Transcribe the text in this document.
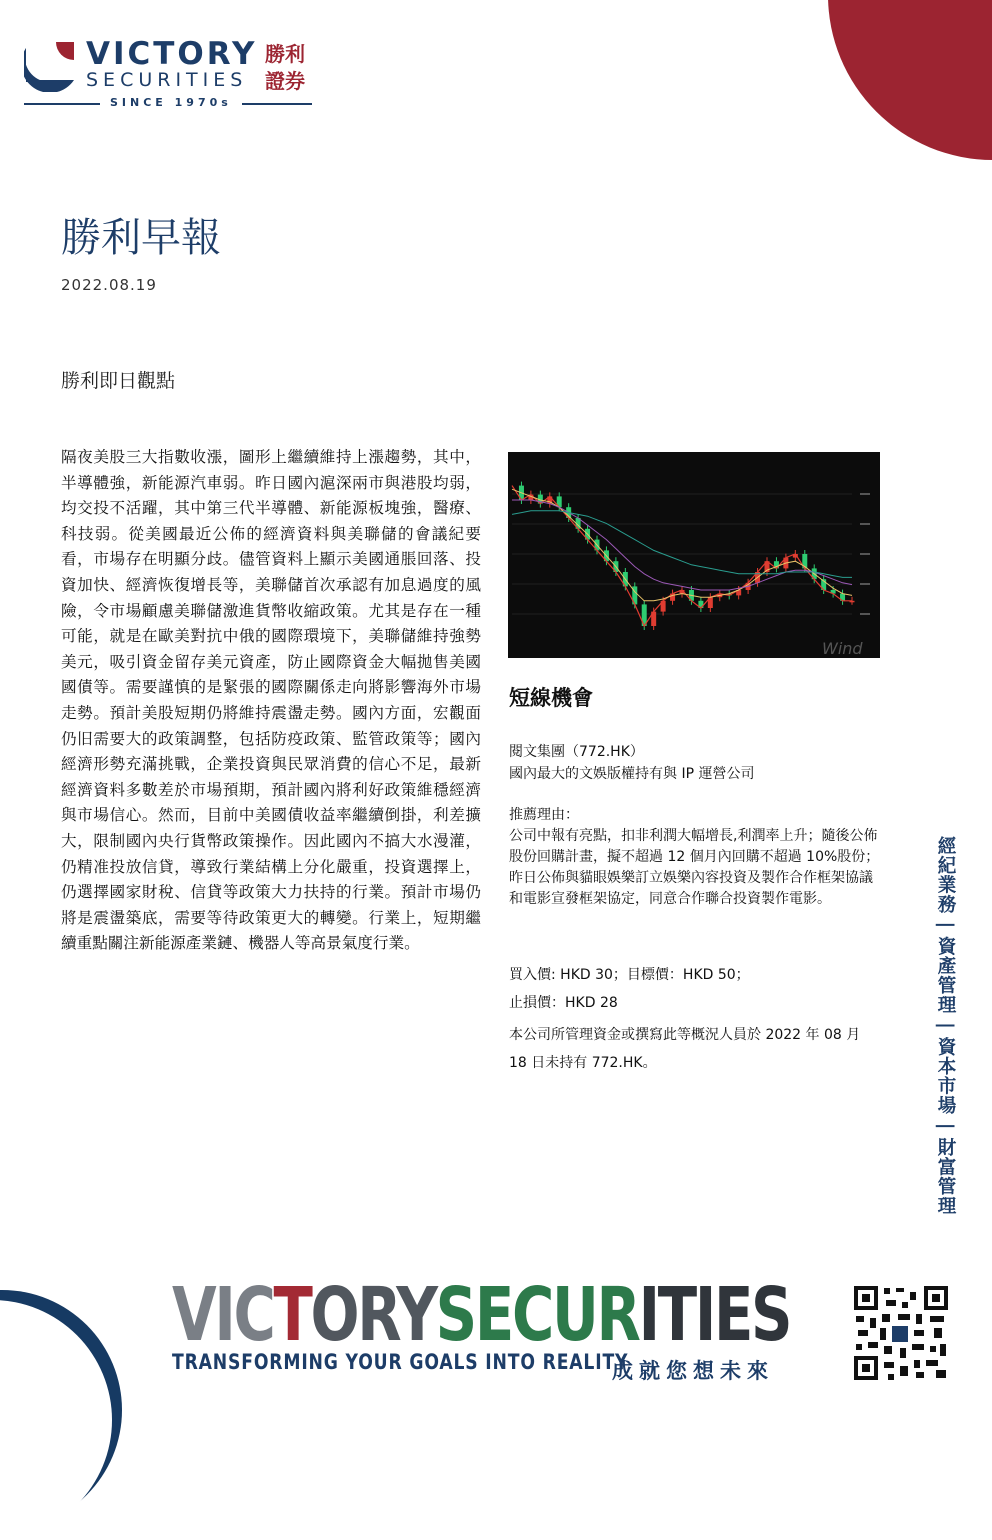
VICTORY
SECURITIES
勝利
證券
SINCE 1970s
勝利早報
2022.08.19
勝利即日觀點

隔夜美股三大指數收漲，圖形上繼續維持上漲趨勢，其中，半導體強，新能源汽車弱。昨日國內滬深兩市與港股均弱，均交投不活躍，其中第三代半導體、新能源板塊強，醫療、科技弱。從美國最近公佈的經濟資料與美聯儲的會議紀要看，市場存在明顯分歧。儘管資料上顯示美國通脹回落、投資加快、經濟恢復增長等，美聯儲首次承認有加息過度的風險，令市場顧慮美聯儲激進貨幣收縮政策。尤其是存在一種可能，就是在歐美對抗中俄的國際環境下，美聯儲維持強勢美元，吸引資金留存美元資產，防止國際資金大幅拋售美國國債等。需要謹慎的是緊張的國際關係走向將影響海外市場走勢。預計美股短期仍將維持震盪走勢。國內方面，宏觀面仍旧需要大的政策調整，包括防疫政策、監管政策等；國內經濟形勢充滿挑戰，企業投資與民眾消費的信心不足，最新經濟資料多數差於市場預期，預計國內將利好政策維穩經濟與市場信心。然而，目前中美國債收益率繼續倒掛，利差擴大，限制國內央行貨幣政策操作。因此國內不搞大水漫灌，仍精准投放信貸，導致行業結構上分化嚴重，投資選擇上，仍選擇國家財稅、信貸等政策大力扶持的行業。預計市場仍將是震盪築底，需要等待政策更大的轉變。行業上，短期繼續重點關注新能源產業鏈、機器人等高景氣度行業。

Wind
短線機會
閱文集團（772.HK）
國內最大的文娛版權持有與 IP 運營公司
推薦理由：
公司中報有亮點，扣非利潤大幅增長,利潤率上升；隨後公佈股份回購計畫，擬不超過 12 個月內回購不超過 10%股份；昨日公佈與貓眼娛樂訂立娛樂內容投資及製作合作框架協議和電影宣發框架協定，同意合作聯合投資製作電影。
買入價: HKD 30；目標價：HKD 50；
止損價：HKD 28
本公司所管理資金或撰寫此等概況人員於 2022 年 08 月 18 日未持有 772.HK。	經紀業務 | 資產管理 | 資本市場 | 財富管理
VICTORYSECURITIES
TRANSFORMING YOUR GOALS INTO REALITY
成就您想未來
